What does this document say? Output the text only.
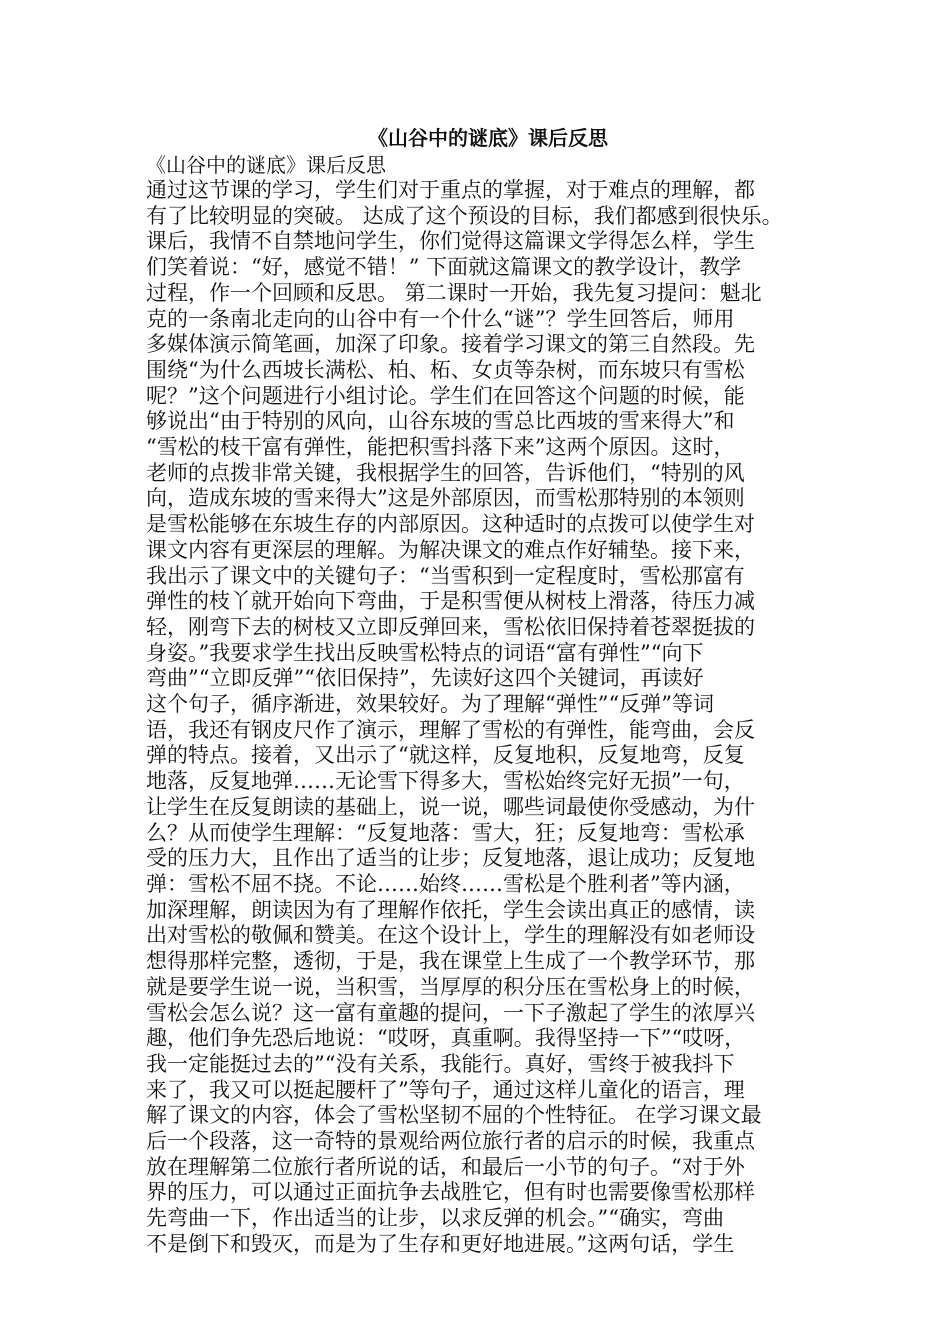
《山谷中的谜底》课后反思

《山谷中的谜底》课后反思

通过这节课的学习，学生们对于重点的掌握，对于难点的理解，都
有了比较明显的突破。 达成了这个预设的目标，我们都感到很快乐。
课后，我情不自禁地问学生，你们觉得这篇课文学得怎么样，学生
们笑着说：“好，感觉不错！” 下面就这篇课文的教学设计，教学
过程，作一个回顾和反思。 第二课时一开始，我先复习提问：魁北
克的一条南北走向的山谷中有一个什么“谜”？学生回答后，师用
多媒体演示简笔画，加深了印象。接着学习课文的第三自然段。先
围绕“为什么西坡长满松、柏、柘、女贞等杂树，而东坡只有雪松
呢？”这个问题进行小组讨论。学生们在回答这个问题的时候，能
够说出“由于特别的风向，山谷东坡的雪总比西坡的雪来得大”和
“雪松的枝干富有弹性，能把积雪抖落下来”这两个原因。这时，
老师的点拨非常关键，我根据学生的回答，告诉他们，“特别的风
向，造成东坡的雪来得大”这是外部原因，而雪松那特别的本领则
是雪松能够在东坡生存的内部原因。这种适时的点拨可以使学生对
课文内容有更深层的理解。为解决课文的难点作好辅垫。接下来，
我出示了课文中的关键句子：“当雪积到一定程度时，雪松那富有
弹性的枝丫就开始向下弯曲，于是积雪便从树枝上滑落，待压力减
轻，刚弯下去的树枝又立即反弹回来，雪松依旧保持着苍翠挺拔的
身姿。”我要求学生找出反映雪松特点的词语“富有弹性”“向下
弯曲”“立即反弹”“依旧保持”，先读好这四个关键词，再读好
这个句子，循序渐进，效果较好。为了理解“弹性”“反弹”等词
语，我还有钢皮尺作了演示，理解了雪松的有弹性，能弯曲，会反
弹的特点。接着，又出示了“就这样，反复地积，反复地弯，反复
地落，反复地弹……无论雪下得多大，雪松始终完好无损”一句，
让学生在反复朗读的基础上，说一说，哪些词最使你受感动，为什
么？从而使学生理解：“反复地落：雪大，狂；反复地弯：雪松承
受的压力大，且作出了适当的让步；反复地落，退让成功；反复地
弹：雪松不屈不挠。不论……始终……雪松是个胜利者”等内涵，
加深理解，朗读因为有了理解作依托，学生会读出真正的感情，读
出对雪松的敬佩和赞美。在这个设计上，学生的理解没有如老师设
想得那样完整，透彻，于是，我在课堂上生成了一个教学环节，那
就是要学生说一说，当积雪，当厚厚的积分压在雪松身上的时候，
雪松会怎么说？这一富有童趣的提问，一下子激起了学生的浓厚兴
趣，他们争先恐后地说：“哎呀，真重啊。我得坚持一下”“哎呀，
我一定能挺过去的”“没有关系，我能行。真好，雪终于被我抖下
来了，我又可以挺起腰杆了”等句子，通过这样儿童化的语言，理
解了课文的内容，体会了雪松坚韧不屈的个性特征。 在学习课文最
后一个段落，这一奇特的景观给两位旅行者的启示的时候，我重点
放在理解第二位旅行者所说的话，和最后一小节的句子。“对于外
界的压力，可以通过正面抗争去战胜它，但有时也需要像雪松那样
先弯曲一下，作出适当的让步，以求反弹的机会。”“确实，弯曲
不是倒下和毁灭，而是为了生存和更好地进展。”这两句话，学生
